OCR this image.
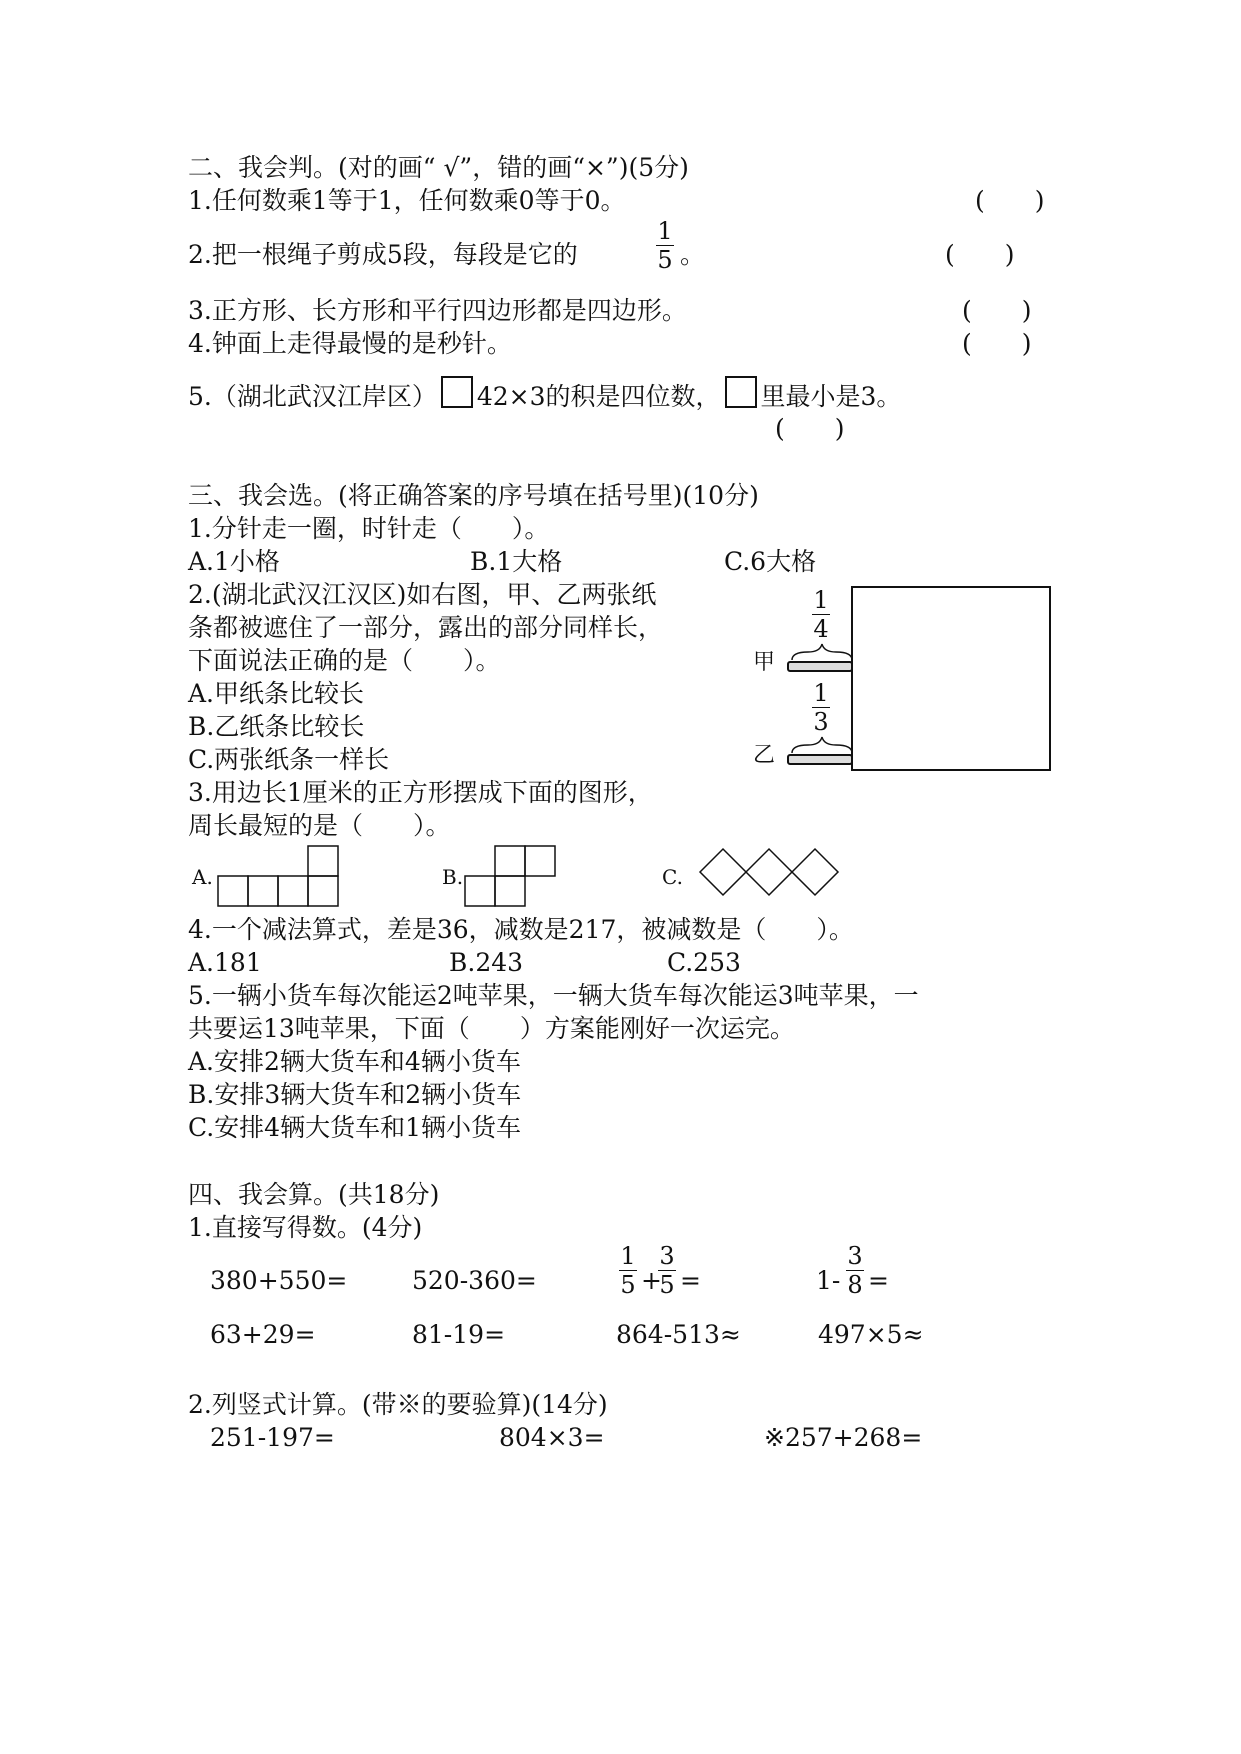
二、我会判。(对的画“ √”，错的画“×”)(5分)
1.任何数乘1等于1，任何数乘0等于0。	(　　)
2.把一根绳子剪成5段，每段是它的
1
5 。	(　　)
3.正方形、长方形和平行四边形都是四边形。	(　　)
4.钟面上走得最慢的是秒针。	(　　)
5.（湖北武汉江岸区） 42×3的积是四位数， 里最小是3。
(　　)
三、我会选。(将正确答案的序号填在括号里)(10分)
1.分针走一圈，时针走（　　）。
A.1小格	B.1大格	C.6大格
2.(湖北武汉江汉区)如右图，甲、乙两张纸
条都被遮住了一部分，露出的部分同样长，
下面说法正确的是（　　）。
A.甲纸条比较长
B.乙纸条比较长
C.两张纸条一样长
甲
乙
1
4
1
3
3.用边长1厘米的正方形摆成下面的图形，
周长最短的是（　　）。
A.	B.	C.
4.一个减法算式，差是36，减数是217，被减数是（　　）。
A.181	B.243	C.253
5.一辆小货车每次能运2吨苹果，一辆大货车每次能运3吨苹果，一
共要运13吨苹果，下面（　　）方案能刚好一次运完。
A.安排2辆大货车和4辆小货车
B.安排3辆大货车和2辆小货车
C.安排4辆大货车和1辆小货车
四、我会算。(共18分)
1.直接写得数。(4分)
380+550=	520-360=
1
5 +
3
5 =	1-
3
8 =
63+29=	81-19=	864-513≈	497×5≈
2.列竖式计算。(带※的要验算)(14分)
251-197=	804×3=	※257+268=
